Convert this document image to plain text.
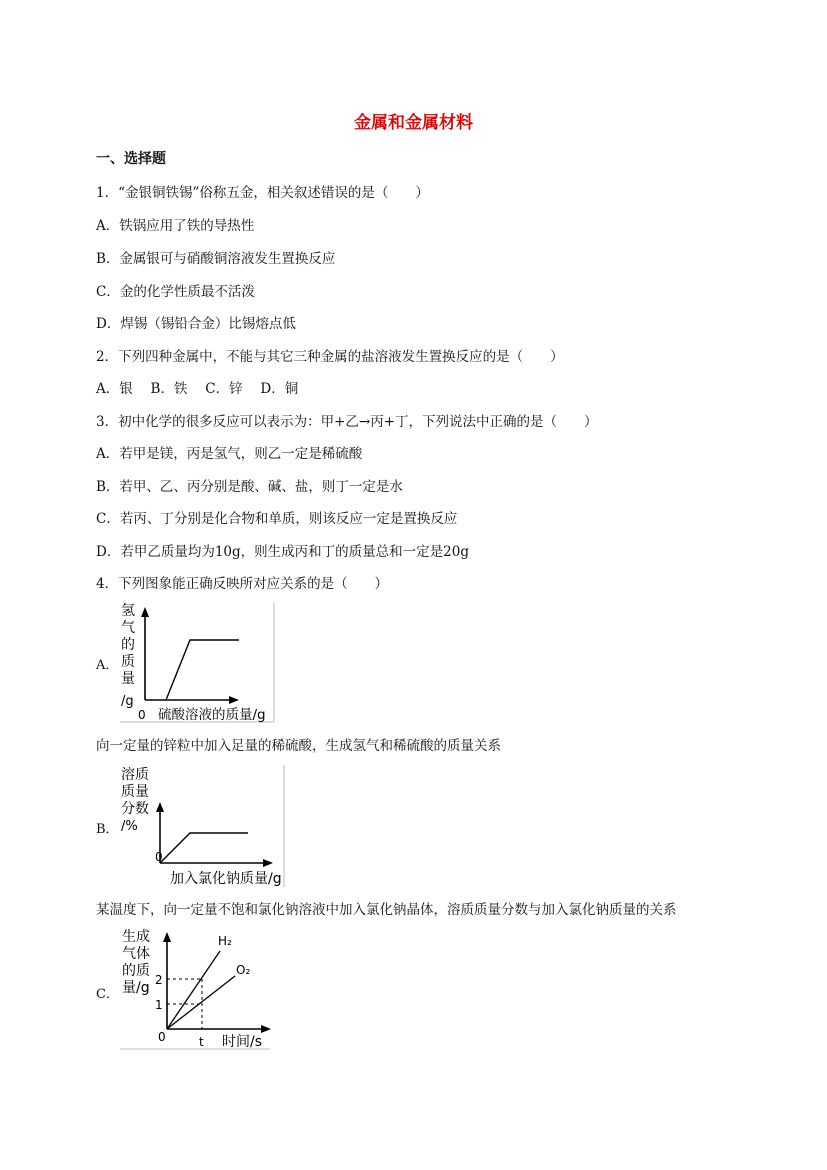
金属和金属材料
一、选择题
1．“金银铜铁锡”俗称五金，相关叙述错误的是（　　）
A．铁锅应用了铁的导热性
B．金属银可与硝酸铜溶液发生置换反应
C．金的化学性质最不活泼
D．焊锡（锡铅合金）比锡熔点低
2．下列四种金属中，不能与其它三种金属的盐溶液发生置换反应的是（　　）
A．银　 B．铁　 C．锌　 D．铜
3．初中化学的很多反应可以表示为：甲+乙→丙+丁，下列说法中正确的是（　　）
A．若甲是镁，丙是氢气，则乙一定是稀硫酸
B．若甲、乙、丙分别是酸、碱、盐，则丁一定是水
C．若丙、丁分别是化合物和单质，则该反应一定是置换反应
D．若甲乙质量均为10g，则生成丙和丁的质量总和一定是20g
4．下列图象能正确反映所对应关系的是（　　）
A．
氢
气
的
质
量
/g
0 硫酸溶液的质量/g
向一定量的锌粒中加入足量的稀硫酸，生成氢气和稀硫酸的质量关系
B．
溶质
质量
分数
/%
0
加入氯化钠质量/g
某温度下，向一定量不饱和氯化钠溶液中加入氯化钠晶体，溶质质量分数与加入氯化钠质量的关系
C．
生成
气体
的质
量/g 2
1
0	t 时间/s
H₂
O₂
